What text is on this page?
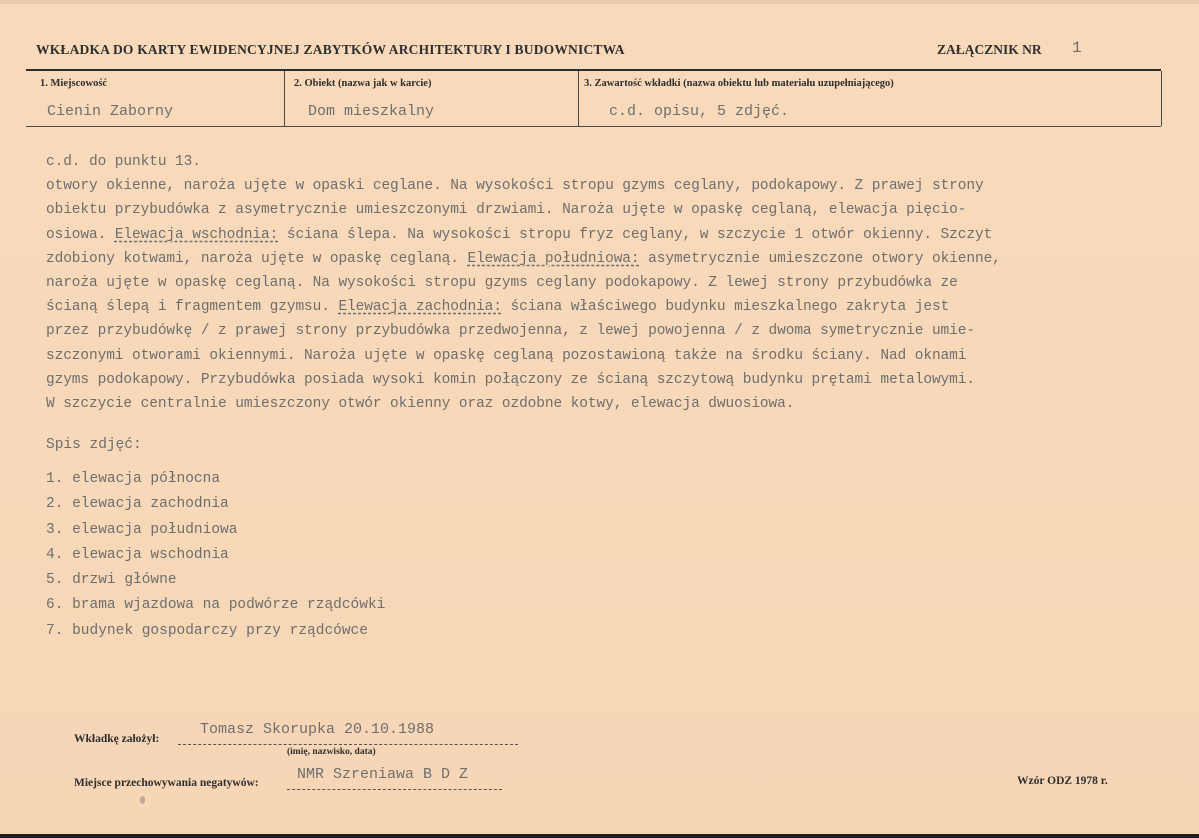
WKŁADKA DO KARTY EWIDENCYJNEJ ZABYTKÓW ARCHITEKTURY I BUDOWNICTWA	ZAŁĄCZNIK NR 1
1. Miejscowość
Cienin Zaborny
2. Obiekt (nazwa jak w karcie)
Dom mieszkalny
3. Zawartość wkładki (nazwa obiektu lub materiału uzupełniającego)
c.d. opisu, 5 zdjęć.
c.d. do punktu 13.
otwory okienne, naroża ujęte w opaski ceglane. Na wysokości stropu gzyms ceglany, podokapowy. Z prawej strony
obiektu przybudówka z asymetrycznie umieszczonymi drzwiami. Naroża ujęte w opaskę ceglaną, elewacja pięcio-
osiowa. Elewacja wschodnia: ściana ślepa. Na wysokości stropu fryz ceglany, w szczycie 1 otwór okienny. Szczyt
zdobiony kotwami, naroża ujęte w opaskę ceglaną. Elewacja południowa: asymetrycznie umieszczone otwory okienne,
naroża ujęte w opaskę ceglaną. Na wysokości stropu gzyms ceglany podokapowy. Z lewej strony przybudówka ze
ścianą ślepą i fragmentem gzymsu. Elewacja zachodnia: ściana właściwego budynku mieszkalnego zakryta jest
przez przybudówkę / z prawej strony przybudówka przedwojenna, z lewej powojenna / z dwoma symetrycznie umie-
szczonymi otworami okiennymi. Naroża ujęte w opaskę ceglaną pozostawioną także na środku ściany. Nad oknami
gzyms podokapowy. Przybudówka posiada wysoki komin połączony ze ścianą szczytową budynku prętami metalowymi.
W szczycie centralnie umieszczony otwór okienny oraz ozdobne kotwy, elewacja dwuosiowa.
Spis zdjęć:
1. elewacja północna
2. elewacja zachodnia
3. elewacja południowa
4. elewacja wschodnia
5. drzwi główne
6. brama wjazdowa na podwórze rządcówki
7. budynek gospodarczy przy rządcówce
Wkładkę założył:
Tomasz Skorupka 20.10.1988
(imię, nazwisko, data)
Miejsce przechowywania negatywów:	NMR Szreniawa B D Z	Wzór ODZ 1978 r.
